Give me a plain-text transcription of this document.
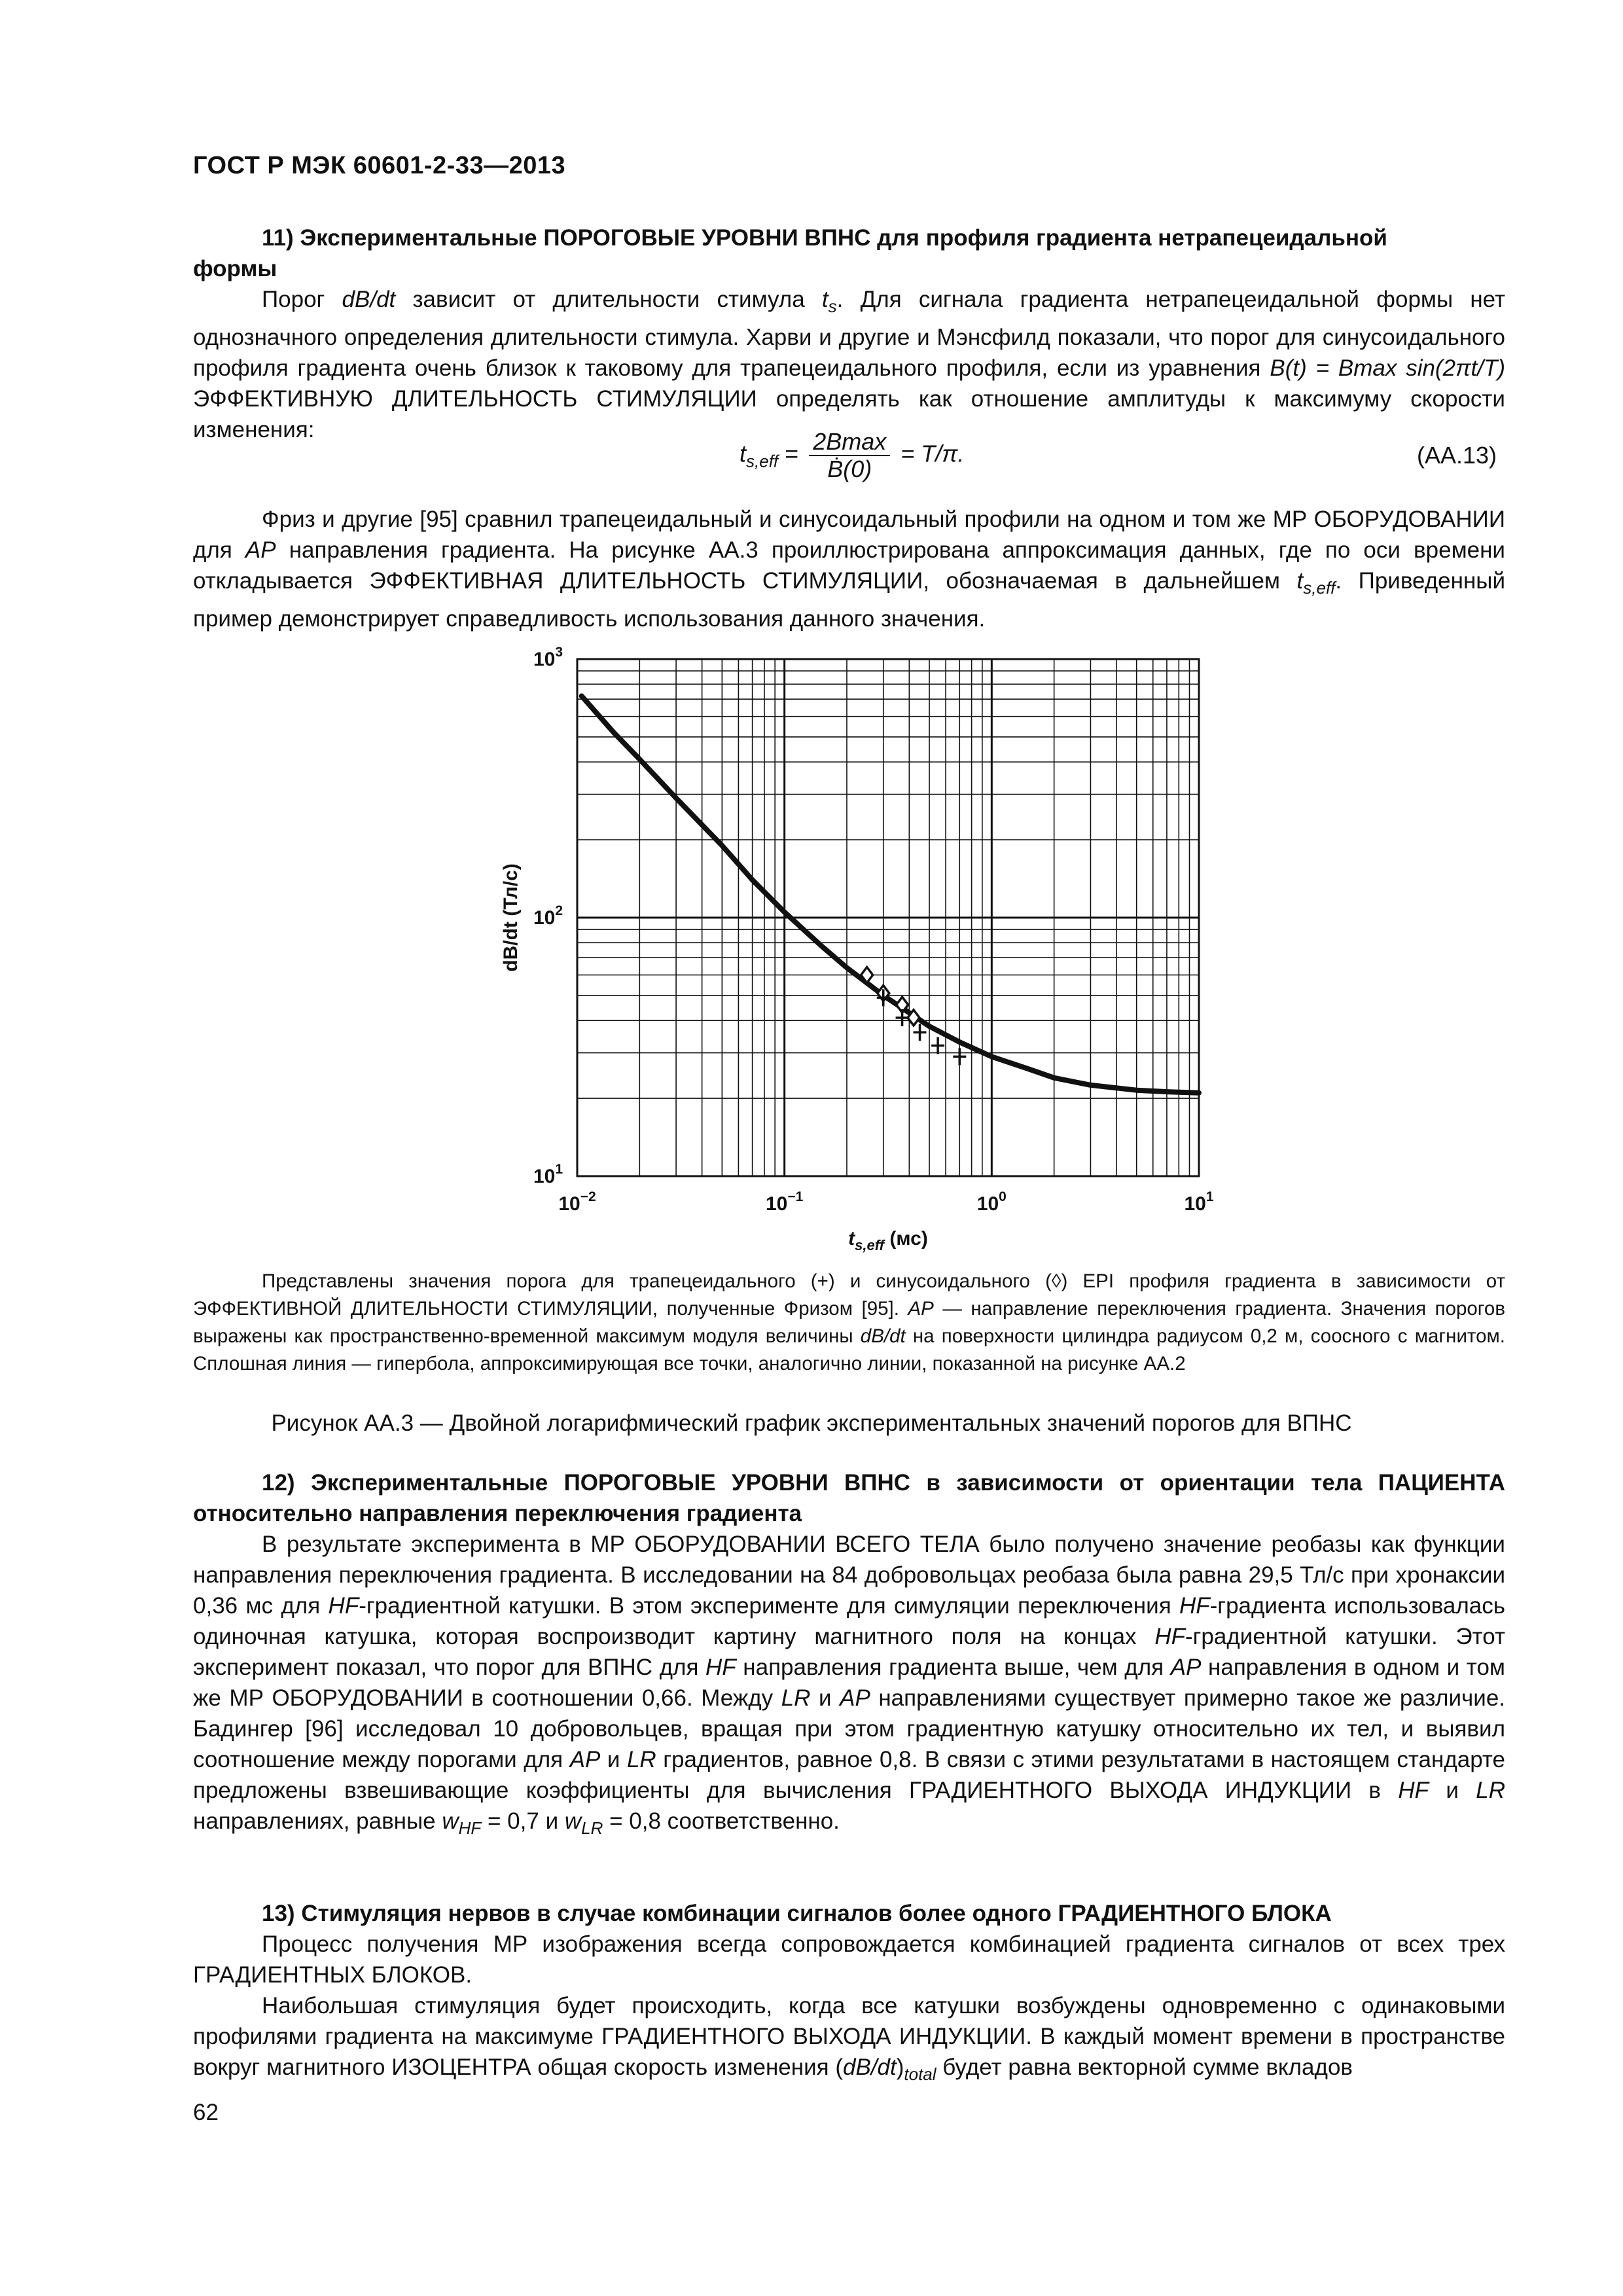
ГОСТ Р МЭК 60601-2-33—2013
11) Экспериментальные ПОРОГОВЫЕ УРОВНИ ВПНС для профиля градиента нетрапецеидальной
формы
Порог dB/dt зависит от длительности стимула $t_s$. Для сигнала градиента нетрапецеидальной формы нет однозначного определения длительности стимула. Харви и другие и Мэнсфилд показали, что порог для синусоидального профиля градиента очень близок к таковому для трапецеидального профиля, если из уравнения B(t) = Bmax sin(2πt/T) ЭФФЕКТИВНУЮ ДЛИТЕЛЬНОСТЬ СТИМУЛЯЦИИ определять как отношение амплитуды к максимуму скорости изменения:
$t_{s,eff} = \frac{2Bmax}{\text{Ḃ(0)}} = T/\pi$.	(AA.13)
Фриз и другие [95] сравнил трапецеидальный и синусоидальный профили на одном и том же МР ОБОРУДОВАНИИ для AP направления градиента. На рисунке АА.3 проиллюстрирована аппроксимация данных, где по оси времени откладывается ЭФФЕКТИВНАЯ ДЛИТЕЛЬНОСТЬ СТИМУЛЯЦИИ, обозначаемая в дальнейшем $t_{s,eff}$. Приведенный пример демонстрирует справедливость использования данного значения.
$10^{-2}$	$10^{-1}$	$10^0$	$10^1$
$10^3$
$10^2$
$10^1$
dB/dt (Тл/с)
$t_{s,eff}$ (мс)
Представлены значения порога для трапецеидального (+) и синусоидального (◊) EPI профиля градиента в зависимости от ЭФФЕКТИВНОЙ ДЛИТЕЛЬНОСТИ СТИМУЛЯЦИИ, полученные Фризом [95]. AP — направление переключения градиента. Значения порогов выражены как пространственно-временной максимум модуля величины dB/dt на поверхности цилиндра радиусом 0,2 м, соосного с магнитом. Сплошная линия — гипербола, аппроксимирующая все точки, аналогично линии, показанной на рисунке АА.2
Рисунок АА.3 — Двойной логарифмический график экспериментальных значений порогов для ВПНС
12) Экспериментальные ПОРОГОВЫЕ УРОВНИ ВПНС в зависимости от ориентации тела ПАЦИЕНТА относительно направления переключения градиента
В результате эксперимента в МР ОБОРУДОВАНИИ ВСЕГО ТЕЛА было получено значение реобазы как функции направления переключения градиента. В исследовании на 84 добровольцах реобаза была равна 29,5 Тл/с при хронаксии 0,36 мс для HF-градиентной катушки. В этом эксперименте для симуляции переключения HF-градиента использовалась одиночная катушка, которая воспроизводит картину магнитного поля на концах HF-градиентной катушки. Этот эксперимент показал, что порог для ВПНС для HF направления градиента выше, чем для AP направления в одном и том же МР ОБОРУДОВАНИИ в соотношении 0,66. Между LR и AP направлениями существует примерно такое же различие. Бадингер [96] исследовал 10 добровольцев, вращая при этом градиентную катушку относительно их тел, и выявил соотношение между порогами для AP и LR градиентов, равное 0,8. В связи с этими результатами в настоящем стандарте предложены взвешивающие коэффициенты для вычисления ГРАДИЕНТНОГО ВЫХОДА ИНДУКЦИИ в HF и LR направлениях, равные $w_{HF} = 0,7$ и $w_{LR} = 0,8$ соответственно.
13) Стимуляция нервов в случае комбинации сигналов более одного ГРАДИЕНТНОГО БЛОКА
Процесс получения МР изображения всегда сопровождается комбинацией градиента сигналов от всех трех ГРАДИЕНТНЫХ БЛОКОВ.
Наибольшая стимуляция будет происходить, когда все катушки возбуждены одновременно с одинаковыми профилями градиента на максимуме ГРАДИЕНТНОГО ВЫХОДА ИНДУКЦИИ. В каждый момент времени в пространстве вокруг магнитного ИЗОЦЕНТРА общая скорость изменения $(dB/dt)_{total}$ будет равна векторной сумме вкладов
62
